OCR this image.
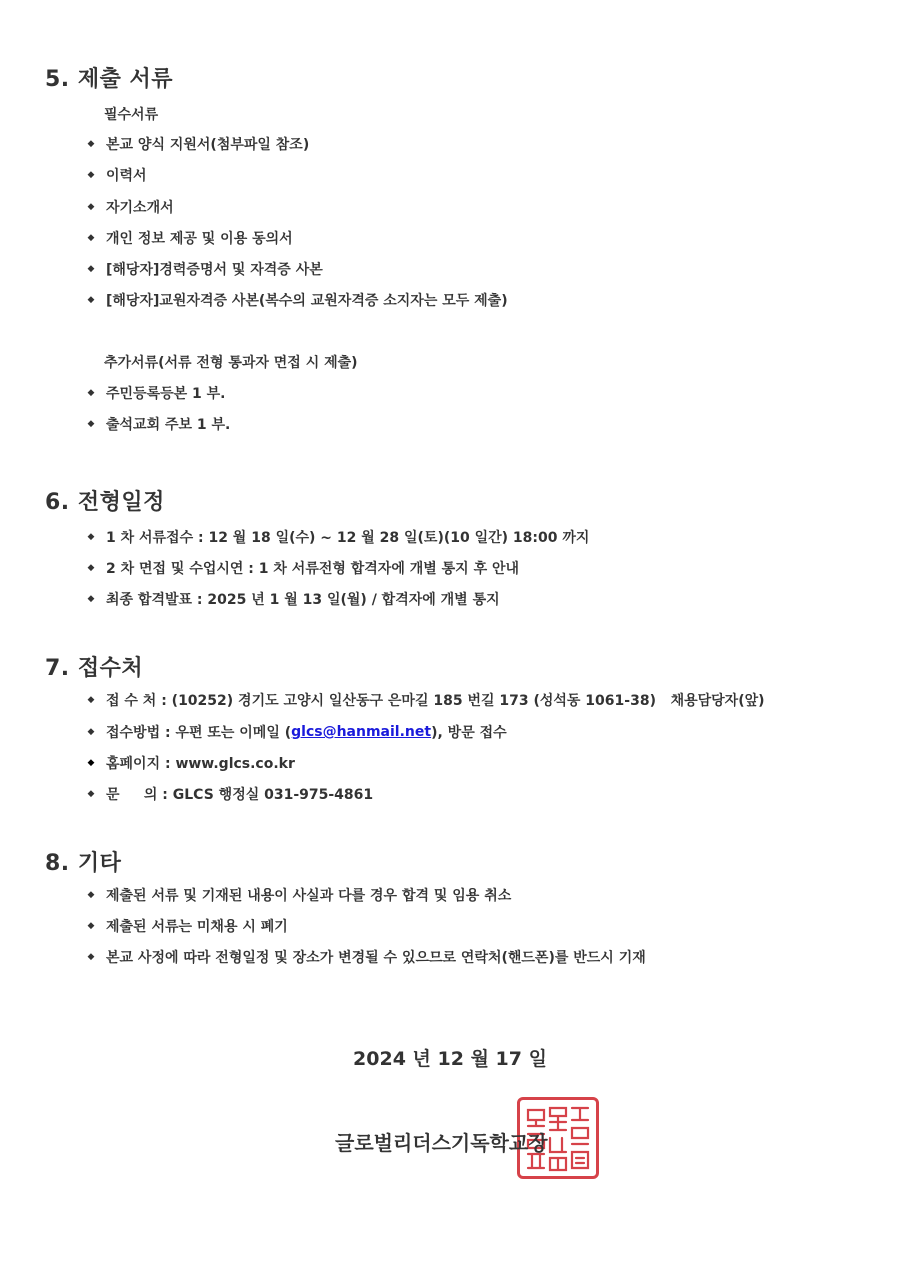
5. 제출 서류
필수서류
◆ 본교 양식 지원서(첨부파일 참조)
◆ 이력서
◆ 자기소개서
◆ 개인 정보 제공 및 이용 동의서
◆ [해당자]경력증명서 및 자격증 사본
◆ [해당자]교원자격증 사본(복수의 교원자격증 소지자는 모두 제출)
추가서류(서류 전형 통과자 면접 시 제출)
◆ 주민등록등본 1 부.
◆ 출석교회 주보 1 부.
6. 전형일정
◆ 1 차 서류접수 : 12 월 18 일(수) ~ 12 월 28 일(토)(10 일간) 18:00 까지
◆ 2 차 면접 및 수업시연 : 1 차 서류전형 합격자에 개별 통지 후 안내
◆ 최종 합격발표 : 2025 년 1 월 13 일(월) / 합격자에 개별 통지
7. 접수처
◆ 접 수 처 : (10252) 경기도 고양시 일산동구 은마길 185 번길 173 (성석동 1061-38)   채용담당자(앞)
◆ 접수방법 : 우편 또는 이메일 ( glcs@hanmail.net ), 방문 접수
◆ 홈페이지 : www.glcs.co.kr
◆ 문     의 : GLCS 행정실 031-975-4861
8. 기타
◆ 제출된 서류 및 기재된 내용이 사실과 다를 경우 합격 및 임용 취소
◆ 제출된 서류는 미채용 시 폐기
◆ 본교 사정에 따라 전형일정 및 장소가 변경될 수 있으므로 연락처(핸드폰)를 반드시 기재
2024 년 12 월 17 일
글로벌리더스기독학교장
